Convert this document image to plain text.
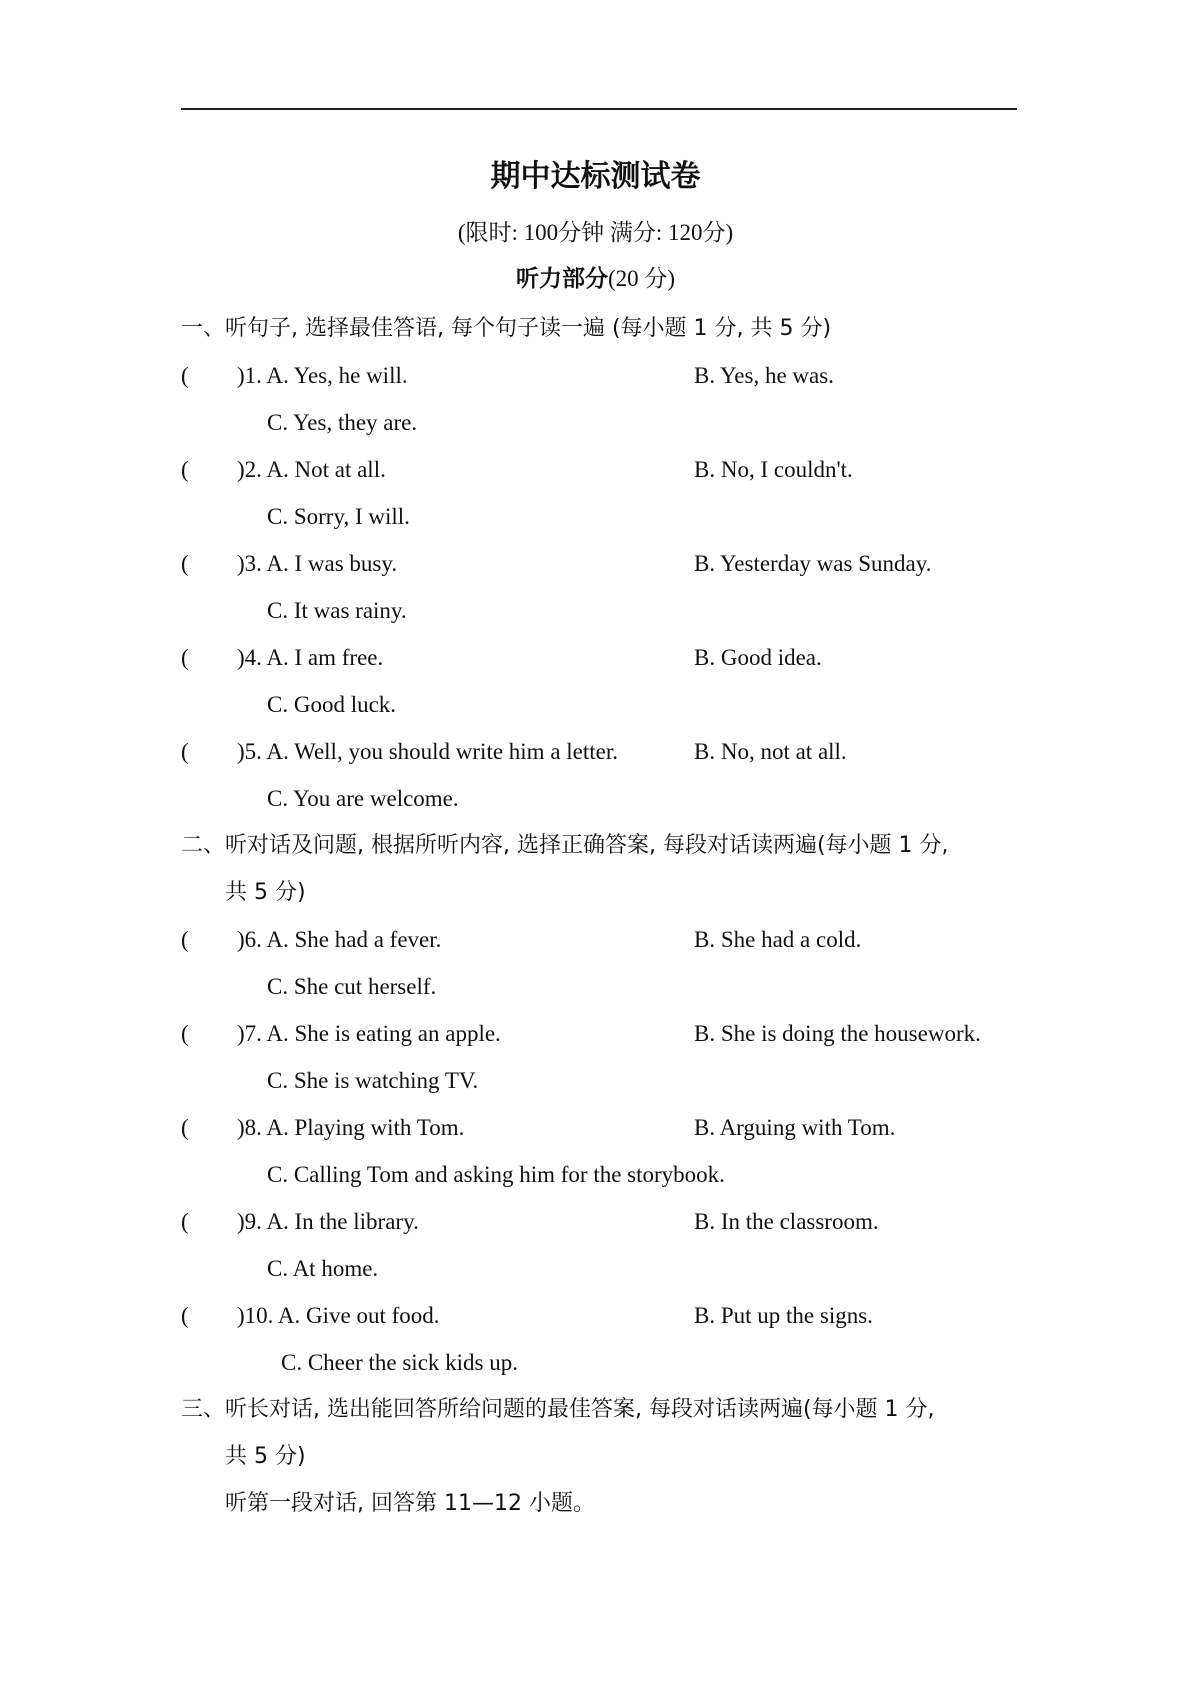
期中达标测试卷
(限时: 100分钟 满分: 120分)
听力部分(20 分)
一、听句子, 选择最佳答语, 每个句子读一遍 (每小题 1 分, 共 5 分)
( )1. A. Yes, he will.	B. Yes, he was.
C. Yes, they are.
( )2. A. Not at all.	B. No, I couldn't.
C. Sorry, I will.
( )3. A. I was busy.	B. Yesterday was Sunday.
C. It was rainy.
( )4. A. I am free.	B. Good idea.
C. Good luck.
( )5. A. Well, you should write him a letter.	B. No, not at all.
C. You are welcome.
二、听对话及问题, 根据所听内容, 选择正确答案, 每段对话读两遍(每小题 1 分,
共 5 分)
( )6. A. She had a fever.	B. She had a cold.
C. She cut herself.
( )7. A. She is eating an apple.	B. She is doing the housework.
C. She is watching TV.
( )8. A. Playing with Tom.	B. Arguing with Tom.
C. Calling Tom and asking him for the storybook.
( )9. A. In the library.	B. In the classroom.
C. At home.
( )10. A. Give out food.	B. Put up the signs.
C. Cheer the sick kids up.
三、听长对话, 选出能回答所给问题的最佳答案, 每段对话读两遍(每小题 1 分,
共 5 分)
听第一段对话, 回答第 11—12 小题。
